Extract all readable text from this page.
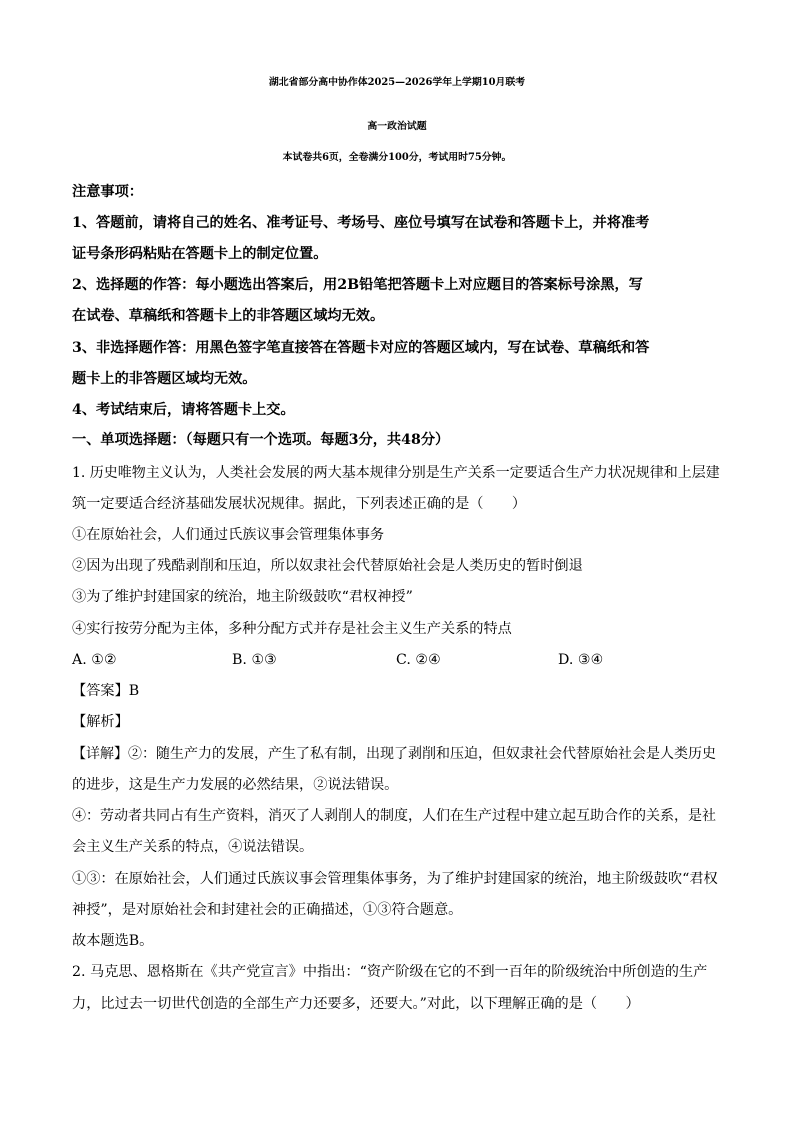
湖北省部分高中协作体2025—2026学年上学期10月联考
高一政治试题
本试卷共6页，全卷满分100分，考试用时75分钟。
注意事项：
1、答题前，请将自己的姓名、准考证号、考场号、座位号填写在试卷和答题卡上，并将准考
证号条形码粘贴在答题卡上的制定位置。
2、选择题的作答：每小题选出答案后，用2B铅笔把答题卡上对应题目的答案标号涂黑，写
在试卷、草稿纸和答题卡上的非答题区域均无效。
3、非选择题作答：用黑色签字笔直接答在答题卡对应的答题区域内，写在试卷、草稿纸和答
题卡上的非答题区域均无效。
4、考试结束后，请将答题卡上交。
一、单项选择题：（每题只有一个选项。每题3分，共48分）
1. 历史唯物主义认为，人类社会发展的两大基本规律分别是生产关系一定要适合生产力状况规律和上层建
筑一定要适合经济基础发展状况规律。据此，下列表述正确的是（　　）
①在原始社会，人们通过氏族议事会管理集体事务
②因为出现了残酷剥削和压迫，所以奴隶社会代替原始社会是人类历史的暂时倒退
③为了维护封建国家的统治，地主阶级鼓吹“君权神授”
④实行按劳分配为主体，多种分配方式并存是社会主义生产关系的特点
A. ①②	B. ①③	C. ②④	D. ③④
【答案】B
【解析】
【详解】②：随生产力的发展，产生了私有制，出现了剥削和压迫，但奴隶社会代替原始社会是人类历史
的进步，这是生产力发展的必然结果，②说法错误。
④：劳动者共同占有生产资料，消灭了人剥削人的制度，人们在生产过程中建立起互助合作的关系，是社
会主义生产关系的特点，④说法错误。
①③：在原始社会，人们通过氏族议事会管理集体事务，为了维护封建国家的统治，地主阶级鼓吹“君权
神授”，是对原始社会和封建社会的正确描述，①③符合题意。
故本题选B。
2. 马克思、恩格斯在《共产党宣言》中指出：“资产阶级在它的不到一百年的阶级统治中所创造的生产
力，比过去一切世代创造的全部生产力还要多，还要大。”对此，以下理解正确的是（　　）
